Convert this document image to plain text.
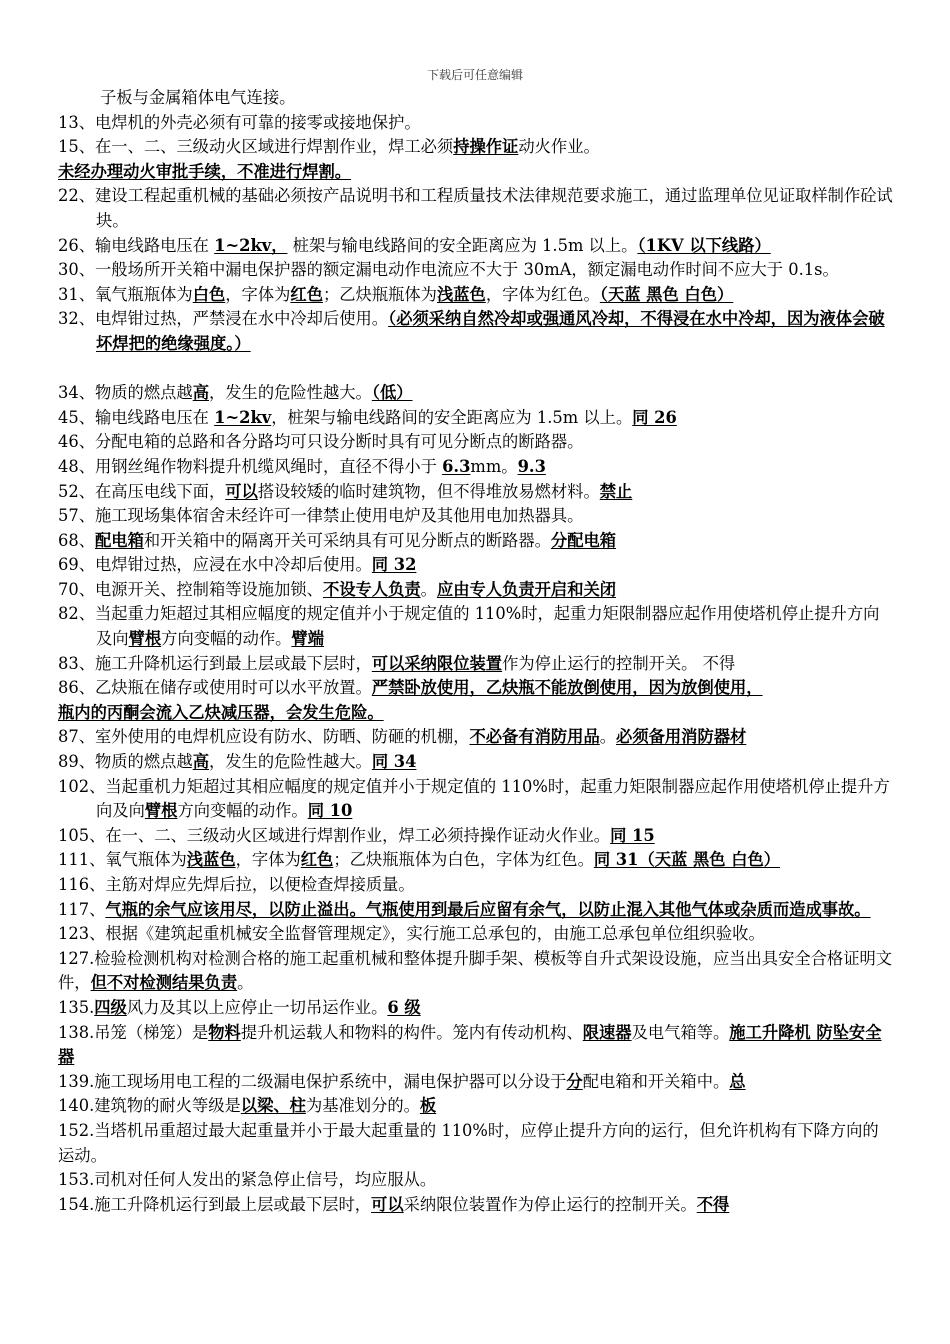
下载后可任意编辑

子板与金属箱体电气连接。

13、电焊机的外壳必须有可靠的接零或接地保护。

15、在一、二、三级动火区域进行焊割作业，焊工必须持操作证动火作业。

未经办理动火审批手续，不准进行焊割。

22、建设工程起重机械的基础必须按产品说明书和工程质量技术法律规范要求施工，通过监理单位见证取样制作砼试块。

26、输电线路电压在 1~2kv， 桩架与输电线路间的安全距离应为 1.5m 以上。（1KV 以下线路）

30、一般场所开关箱中漏电保护器的额定漏电动作电流应不大于 30mA，额定漏电动作时间不应大于 0.1s。

31、氧气瓶瓶体为白色，字体为红色；乙炔瓶瓶体为浅蓝色，字体为红色。（天蓝 黑色 白色）

32、电焊钳过热，严禁浸在水中冷却后使用。（必须采纳自然冷却或强通风冷却，不得浸在水中冷却，因为液体会破坏焊把的绝缘强度。）

34、物质的燃点越高，发生的危险性越大。（低）

45、输电线路电压在 1~2kv，桩架与输电线路间的安全距离应为 1.5m 以上。同 26

46、分配电箱的总路和各分路均可只设分断时具有可见分断点的断路器。

48、用钢丝绳作物料提升机缆风绳时，直径不得小于 6.3mm。9.3

52、在高压电线下面，可以搭设较矮的临时建筑物，但不得堆放易燃材料。禁止

57、施工现场集体宿舍未经许可一律禁止使用电炉及其他用电加热器具。

68、配电箱和开关箱中的隔离开关可采纳具有可见分断点的断路器。分配电箱

69、电焊钳过热，应浸在水中冷却后使用。同 32

70、电源开关、控制箱等设施加锁、不设专人负责。应由专人负责开启和关闭

82、当起重力矩超过其相应幅度的规定值并小于规定值的 110%时，起重力矩限制器应起作用使塔机停止提升方向及向臂根方向变幅的动作。臂端

83、施工升降机运行到最上层或最下层时，可以采纳限位装置作为停止运行的控制开关。 不得

86、乙炔瓶在储存或使用时可以水平放置。严禁卧放使用，乙炔瓶不能放倒使用，因为放倒使用，

瓶内的丙酮会流入乙炔减压器，会发生危险。

87、室外使用的电焊机应设有防水、防晒、防砸的机棚，不必备有消防用品。必须备用消防器材

89、物质的燃点越高，发生的危险性越大。同 34

102、当起重机力矩超过其相应幅度的规定值并小于规定值的 110%时，起重力矩限制器应起作用使塔机停止提升方向及向臂根方向变幅的动作。同 10

105、在一、二、三级动火区域进行焊割作业，焊工必须持操作证动火作业。同 15

111、氧气瓶体为浅蓝色，字体为红色；乙炔瓶瓶体为白色，字体为红色。同 31（天蓝 黑色 白色）

116、主筋对焊应先焊后拉，以便检查焊接质量。

117、气瓶的余气应该用尽，以防止溢出。气瓶使用到最后应留有余气，以防止混入其他气体或杂质而造成事故。

123、根据《建筑起重机械安全监督管理规定》，实行施工总承包的，由施工总承包单位组织验收。

127.检验检测机构对检测合格的施工起重机械和整体提升脚手架、模板等自升式架设设施，应当出具安全合格证明文件，但不对检测结果负责。

135.四级风力及其以上应停止一切吊运作业。6 级

138.吊笼（梯笼）是物料提升机运载人和物料的构件。笼内有传动机构、限速器及电气箱等。施工升降机 防坠安全器

139.施工现场用电工程的二级漏电保护系统中，漏电保护器可以分设于分配电箱和开关箱中。总

140.建筑物的耐火等级是以梁、柱为基准划分的。板

152.当塔机吊重超过最大起重量并小于最大起重量的 110%时，应停止提升方向的运行，但允许机构有下降方向的运动。

153.司机对任何人发出的紧急停止信号，均应服从。

154.施工升降机运行到最上层或最下层时，可以采纳限位装置作为停止运行的控制开关。不得
